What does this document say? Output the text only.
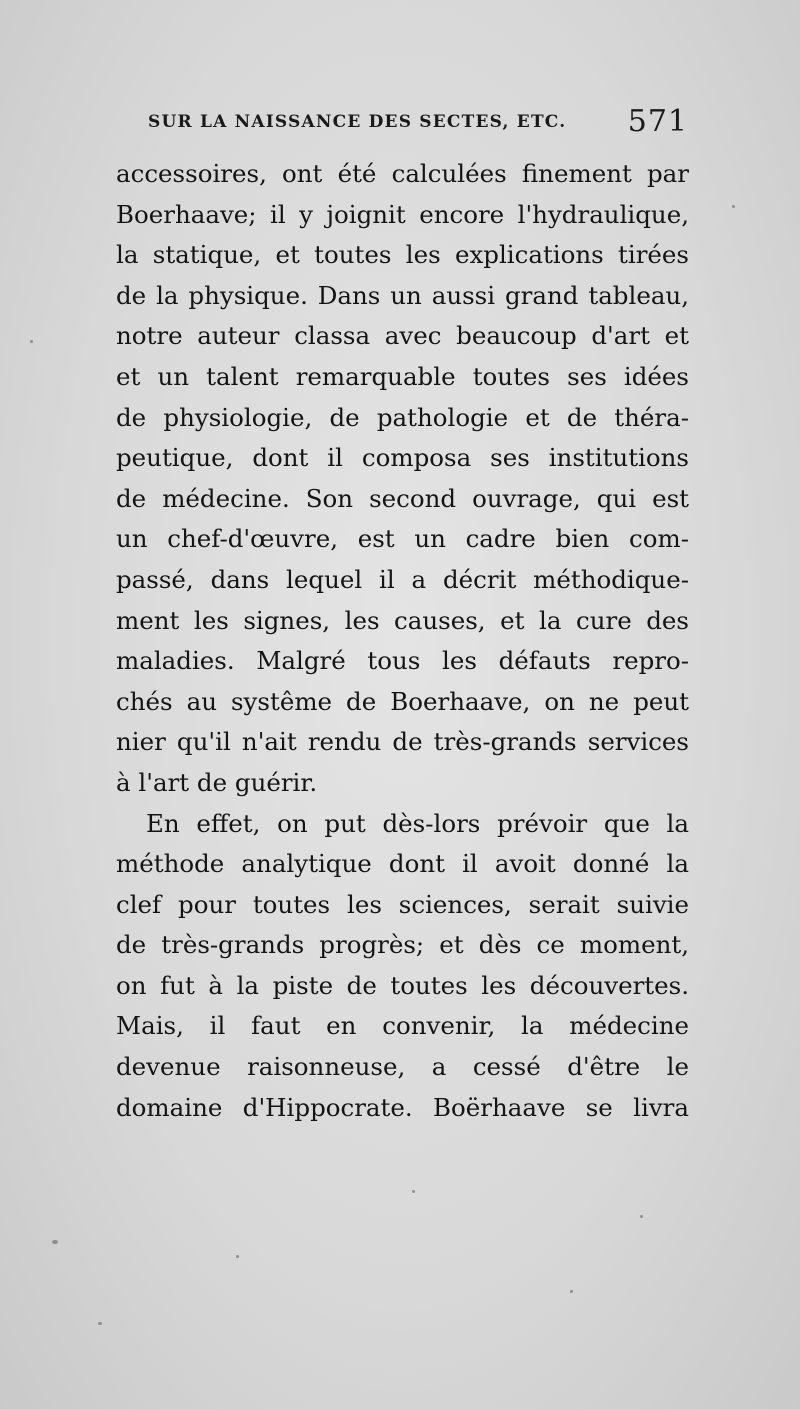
SUR LA NAISSANCE DES SECTES, ETC. 571
accessoires, ont été calculées finement par
Boerhaave; il y joignit encore l'hydraulique,
la statique, et toutes les explications tirées
de la physique. Dans un aussi grand tableau,
notre auteur classa avec beaucoup d'art et
et un talent remarquable toutes ses idées
de physiologie, de pathologie et de théra-
peutique, dont il composa ses institutions
de médecine. Son second ouvrage, qui est
un chef-d'œuvre, est un cadre bien com-
passé, dans lequel il a décrit méthodique-
ment les signes, les causes, et la cure des
maladies. Malgré tous les défauts repro-
chés au systême de Boerhaave, on ne peut
nier qu'il n'ait rendu de très-grands services
à l'art de guérir.
En effet, on put dès-lors prévoir que la
méthode analytique dont il avoit donné la
clef pour toutes les sciences, serait suivie
de très-grands progrès; et dès ce moment,
on fut à la piste de toutes les découvertes.
Mais, il faut en convenir, la médecine
devenue raisonneuse, a cessé d'être le
domaine d'Hippocrate. Boërhaave se livra
